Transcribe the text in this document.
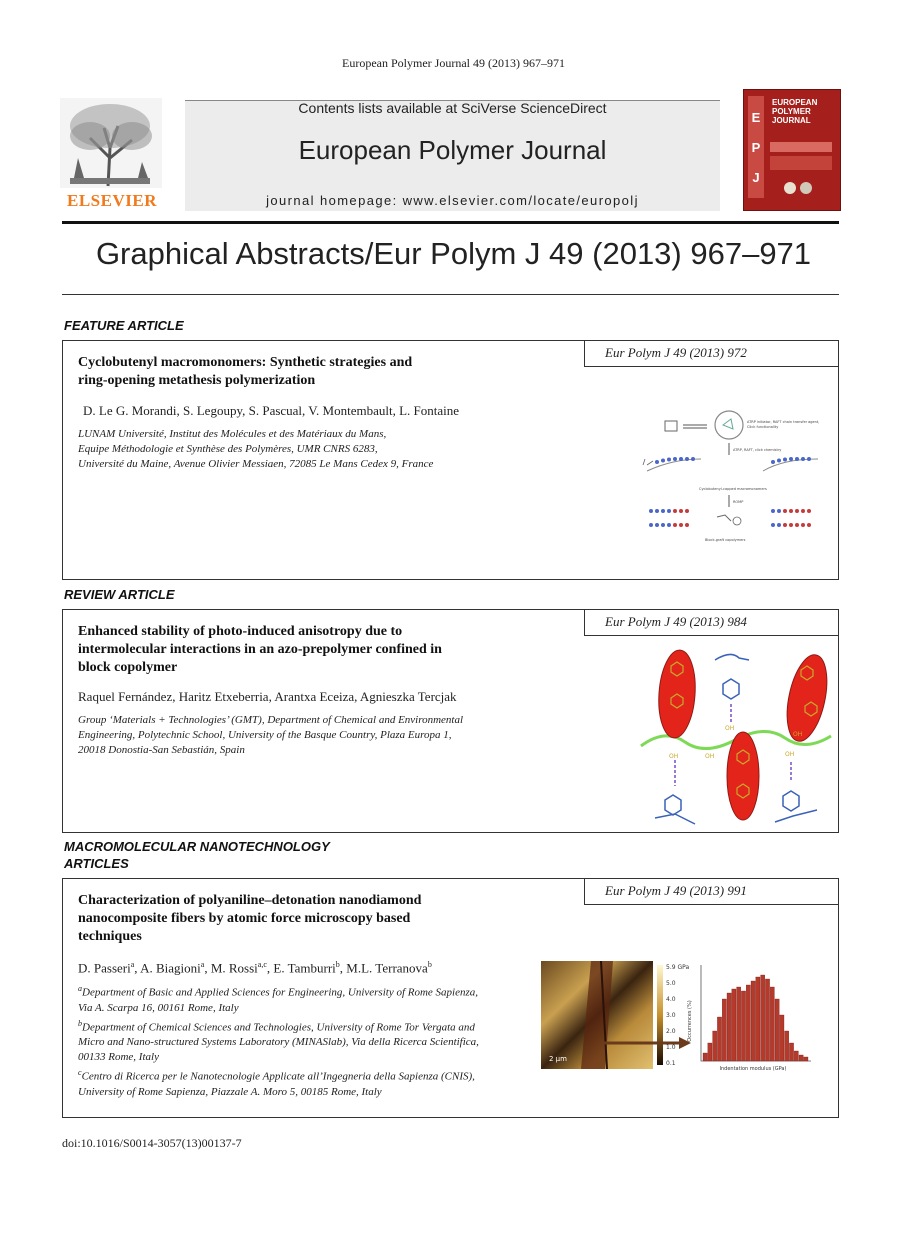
European Polymer Journal 49 (2013) 967–971
ELSEVIER
Contents lists available at SciVerse ScienceDirect
European Polymer Journal
journal homepage: www.elsevier.com/locate/europolj
E
P
J
EUROPEAN
POLYMER
JOURNAL
Graphical Abstracts/Eur Polym J 49 (2013) 967–971
FEATURE ARTICLE
Eur Polym J 49 (2013) 972
Cyclobutenyl macromonomers: Synthetic strategies and
ring-opening metathesis polymerization
D. Le G. Morandi, S. Legoupy, S. Pascual, V. Montembault, L. Fontaine
LUNAM Université, Institut des Molécules et des Matériaux du Mans,
Equipe Méthodologie et Synthèse des Polymères, UMR CNRS 6283,
Université du Maine, Avenue Olivier Messiaen, 72085 Le Mans Cedex 9, France
ATRP initiator, RAFT chain transfer agent,
Click functionality
ATRP, RAFT, click chemistry
Cyclobutenyl-capped macromonomers
ROMP
Block-graft copolymers
REVIEW ARTICLE
Eur Polym J 49 (2013) 984
Enhanced stability of photo-induced anisotropy due to
intermolecular interactions in an azo-prepolymer confined in
block copolymer
Raquel Fernández, Haritz Etxeberria, Arantxa Eceiza, Agnieszka Tercjak
Group ‘Materials + Technologies’ (GMT), Department of Chemical and Environmental
Engineering, Polytechnic School, University of the Basque Country, Plaza Europa 1,
20018 Donostia-San Sebastián, Spain
OH
OH	OH	OH
OH
MACROMOLECULAR NANOTECHNOLOGY
ARTICLES
Eur Polym J 49 (2013) 991
Characterization of polyaniline–detonation nanodiamond
nanocomposite fibers by atomic force microscopy based
techniques
D. Passeri$^a$, A. Biagioni$^a$, M. Rossi$^{a,c}$, E. Tamburri$^b$, M.L. Terranova$^b$
$^a$Department of Basic and Applied Sciences for Engineering, University of Rome Sapienza,
Via A. Scarpa 16, 00161 Rome, Italy
$^b$Department of Chemical Sciences and Technologies, University of Rome Tor Vergata and
Micro and Nano-structured Systems Laboratory (MINASlab), Via della Ricerca Scientifica,
00133 Rome, Italy
$^c$Centro di Ricerca per le Nanotecnologie Applicate all’Ingegneria della Sapienza (CNIS),
University of Rome Sapienza, Piazzale A. Moro 5, 00185 Rome, Italy
2 µm
5.9 GPa
5.0
4.0
3.0
2.0
1.0
0.1
Indentation modulus (GPa)
Occurrences (%)
doi:10.1016/S0014-3057(13)00137-7
